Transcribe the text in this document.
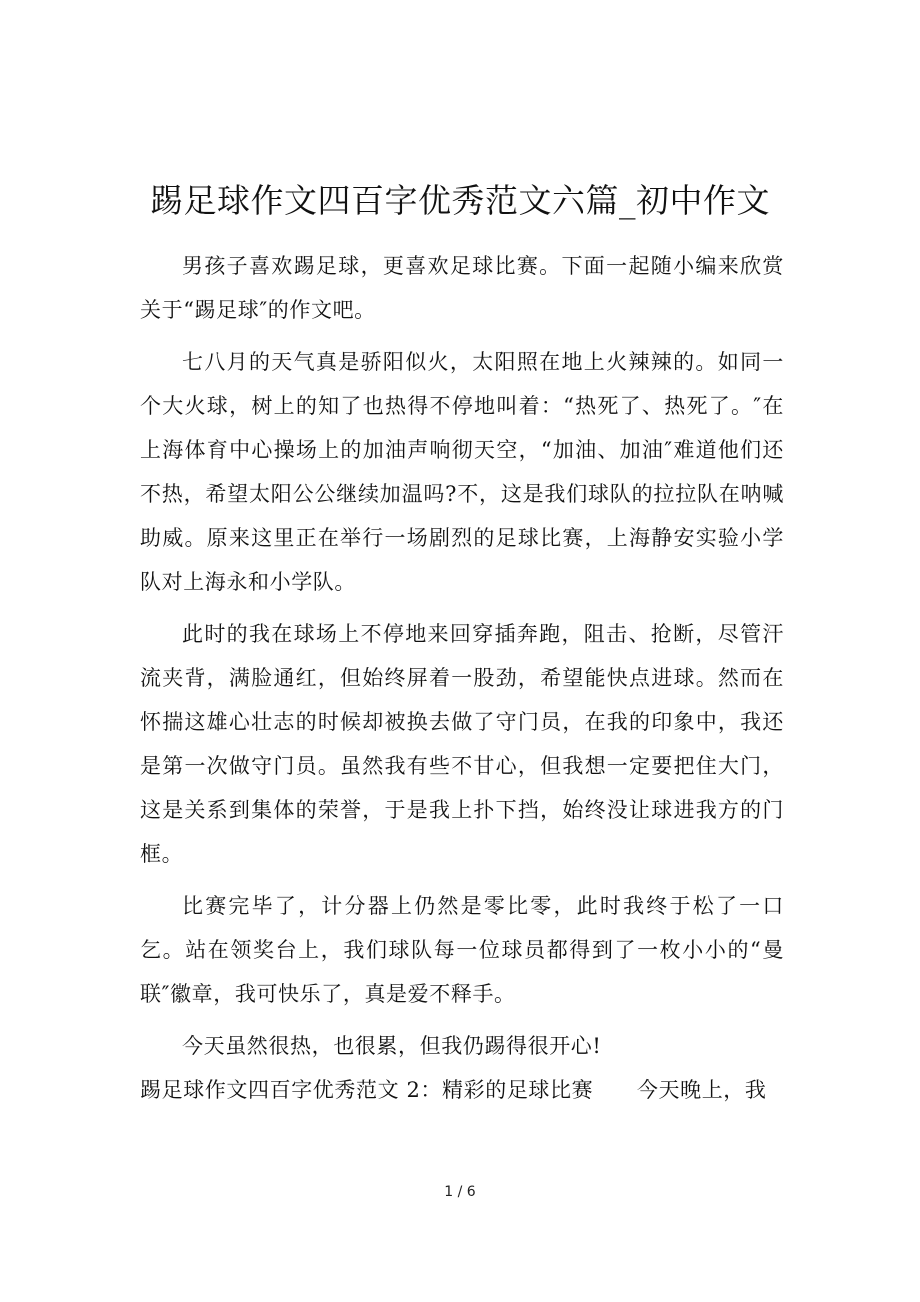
踢足球作文四百字优秀范文六篇_初中作文

男孩子喜欢踢足球，更喜欢足球比赛。下面一起随小编来欣赏关于“踢足球″的作文吧。

七八月的天气真是骄阳似火，太阳照在地上火辣辣的。如同一个大火球，树上的知了也热得不停地叫着：“热死了、热死了。″在上海体育中心操场上的加油声响彻天空，“加油、加油″难道他们还不热，希望太阳公公继续加温吗?不，这是我们球队的拉拉队在呐喊助威。原来这里正在举行一场剧烈的足球比赛，上海静安实验小学队对上海永和小学队。

此时的我在球场上不停地来回穿插奔跑，阻击、抢断，尽管汗流夹背，满脸通红，但始终屏着一股劲，希望能快点进球。然而在怀揣这雄心壮志的时候却被换去做了守门员，在我的印象中，我还是第一次做守门员。虽然我有些不甘心，但我想一定要把住大门，这是关系到集体的荣誉，于是我上扑下挡，始终没让球进我方的门框。

比赛完毕了，计分器上仍然是零比零，此时我终于松了一口乞。站在领奖台上，我们球队每一位球员都得到了一枚小小的“曼联″徽章，我可快乐了，真是爱不释手。

今天虽然很热，也很累，但我仍踢得很开心!

踢足球作文四百字优秀范文 2：精彩的足球比赛 今天晚上，我

1 / 6
